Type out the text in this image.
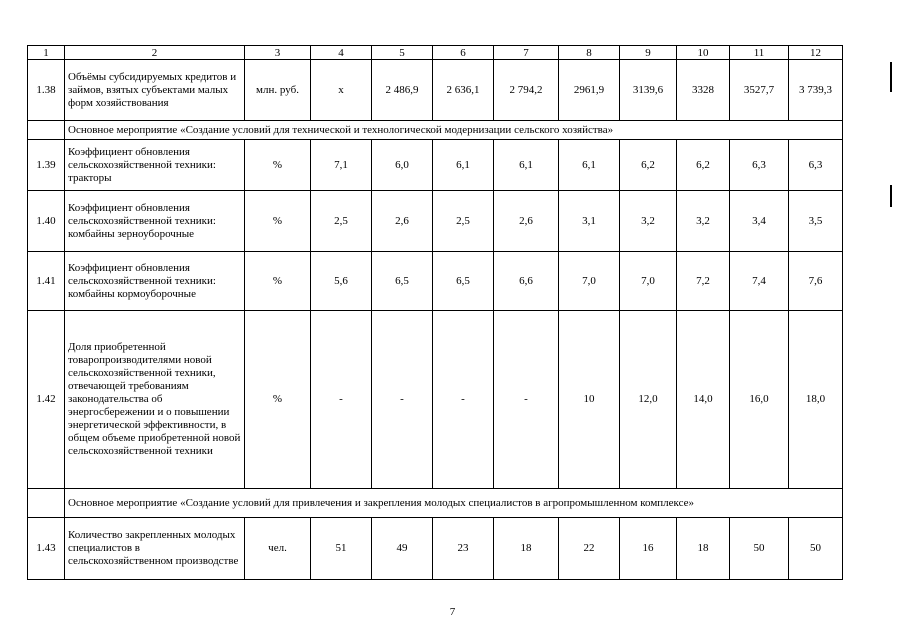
1	2	3	4	5	6	7	8	9	10	11	12
1.38	Объёмы субсидируемых кредитов и займов, взятых субъектами малых форм хозяйствования	млн. руб.	x	2 486,9	2 636,1	2 794,2	2961,9	3139,6	3328	3527,7	3 739,3
	Основное мероприятие «Создание условий для технической и технологической модернизации сельского хозяйства»										
1.39	Коэффициент обновления сельскохозяйственной техники: тракторы	%	7,1	6,0	6,1	6,1	6,1	6,2	6,2	6,3	6,3
1.40	Коэффициент обновления сельскохозяйственной техники: комбайны зерноуборочные	%	2,5	2,6	2,5	2,6	3,1	3,2	3,2	3,4	3,5
1.41	Коэффициент обновления сельскохозяйственной техники: комбайны кормоуборочные	%	5,6	6,5	6,5	6,6	7,0	7,0	7,2	7,4	7,6
1.42	Доля приобретенной товаропроизводителями новой сельскохозяйственной техники, отвечающей требованиям законодательства об энергосбережении и о повышении энергетической эффективности, в общем объеме приобретенной новой сельскохозяйственной техники	%	-	-	-	-	10	12,0	14,0	16,0	18,0
	Основное мероприятие «Создание условий для привлечения и закрепления молодых специалистов в агропромышленном комплексе»										
1.43	Количество закрепленных молодых специалистов в сельскохозяйственном производстве	чел.	51	49	23	18	22	16	18	50	50
7
